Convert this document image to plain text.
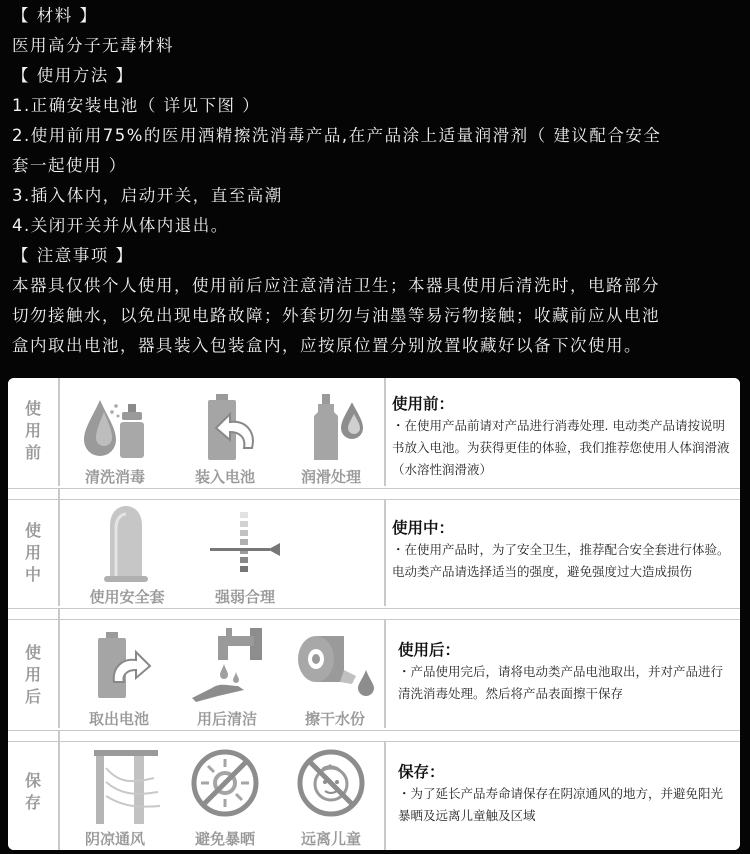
【 材料 】
医用高分子无毒材料
【 使用方法 】
1.正确安装电池（ 详见下图 ）
2.使用前用75%的医用酒精擦洗消毒产品,在产品涂上适量润滑剂（ 建议配合安全
套一起使用 ）
3.插入体内，启动开关，直至高潮
4.关闭开关并从体内退出。
【 注意事项 】
本器具仅供个人使用，使用前后应注意清洁卫生；本器具使用后清洗时，电路部分
切勿接触水，以免出现电路故障；外套切勿与油墨等易污物接触；收藏前应从电池
盒内取出电池，器具装入包装盒内，应按原位置分别放置收藏好以备下次使用。
使用前
清洗消毒	装入电池	润滑处理
使用前：
・在使用产品前请对产品进行消毒处理. 电动类产品请按说明书放入电池。为获得更佳的体验，我们推荐您使用人体润滑液（水溶性润滑液）
使用中
使用安全套	强弱合理
使用中：
・在使用产品时，为了安全卫生，推荐配合安全套进行体验。电动类产品请选择适当的强度，避免强度过大造成损伤
使用后
取出电池	用后清洁	擦干水份
使用后：
・产品使用完后，请将电动类产品电池取出，并对产品进行清洗消毒处理。然后将产品表面擦干保存
保存
阴凉通风	避免暴晒	远离儿童
保存：
・为了延长产品寿命请保存在阴凉通风的地方，并避免阳光暴晒及远离儿童触及区域
